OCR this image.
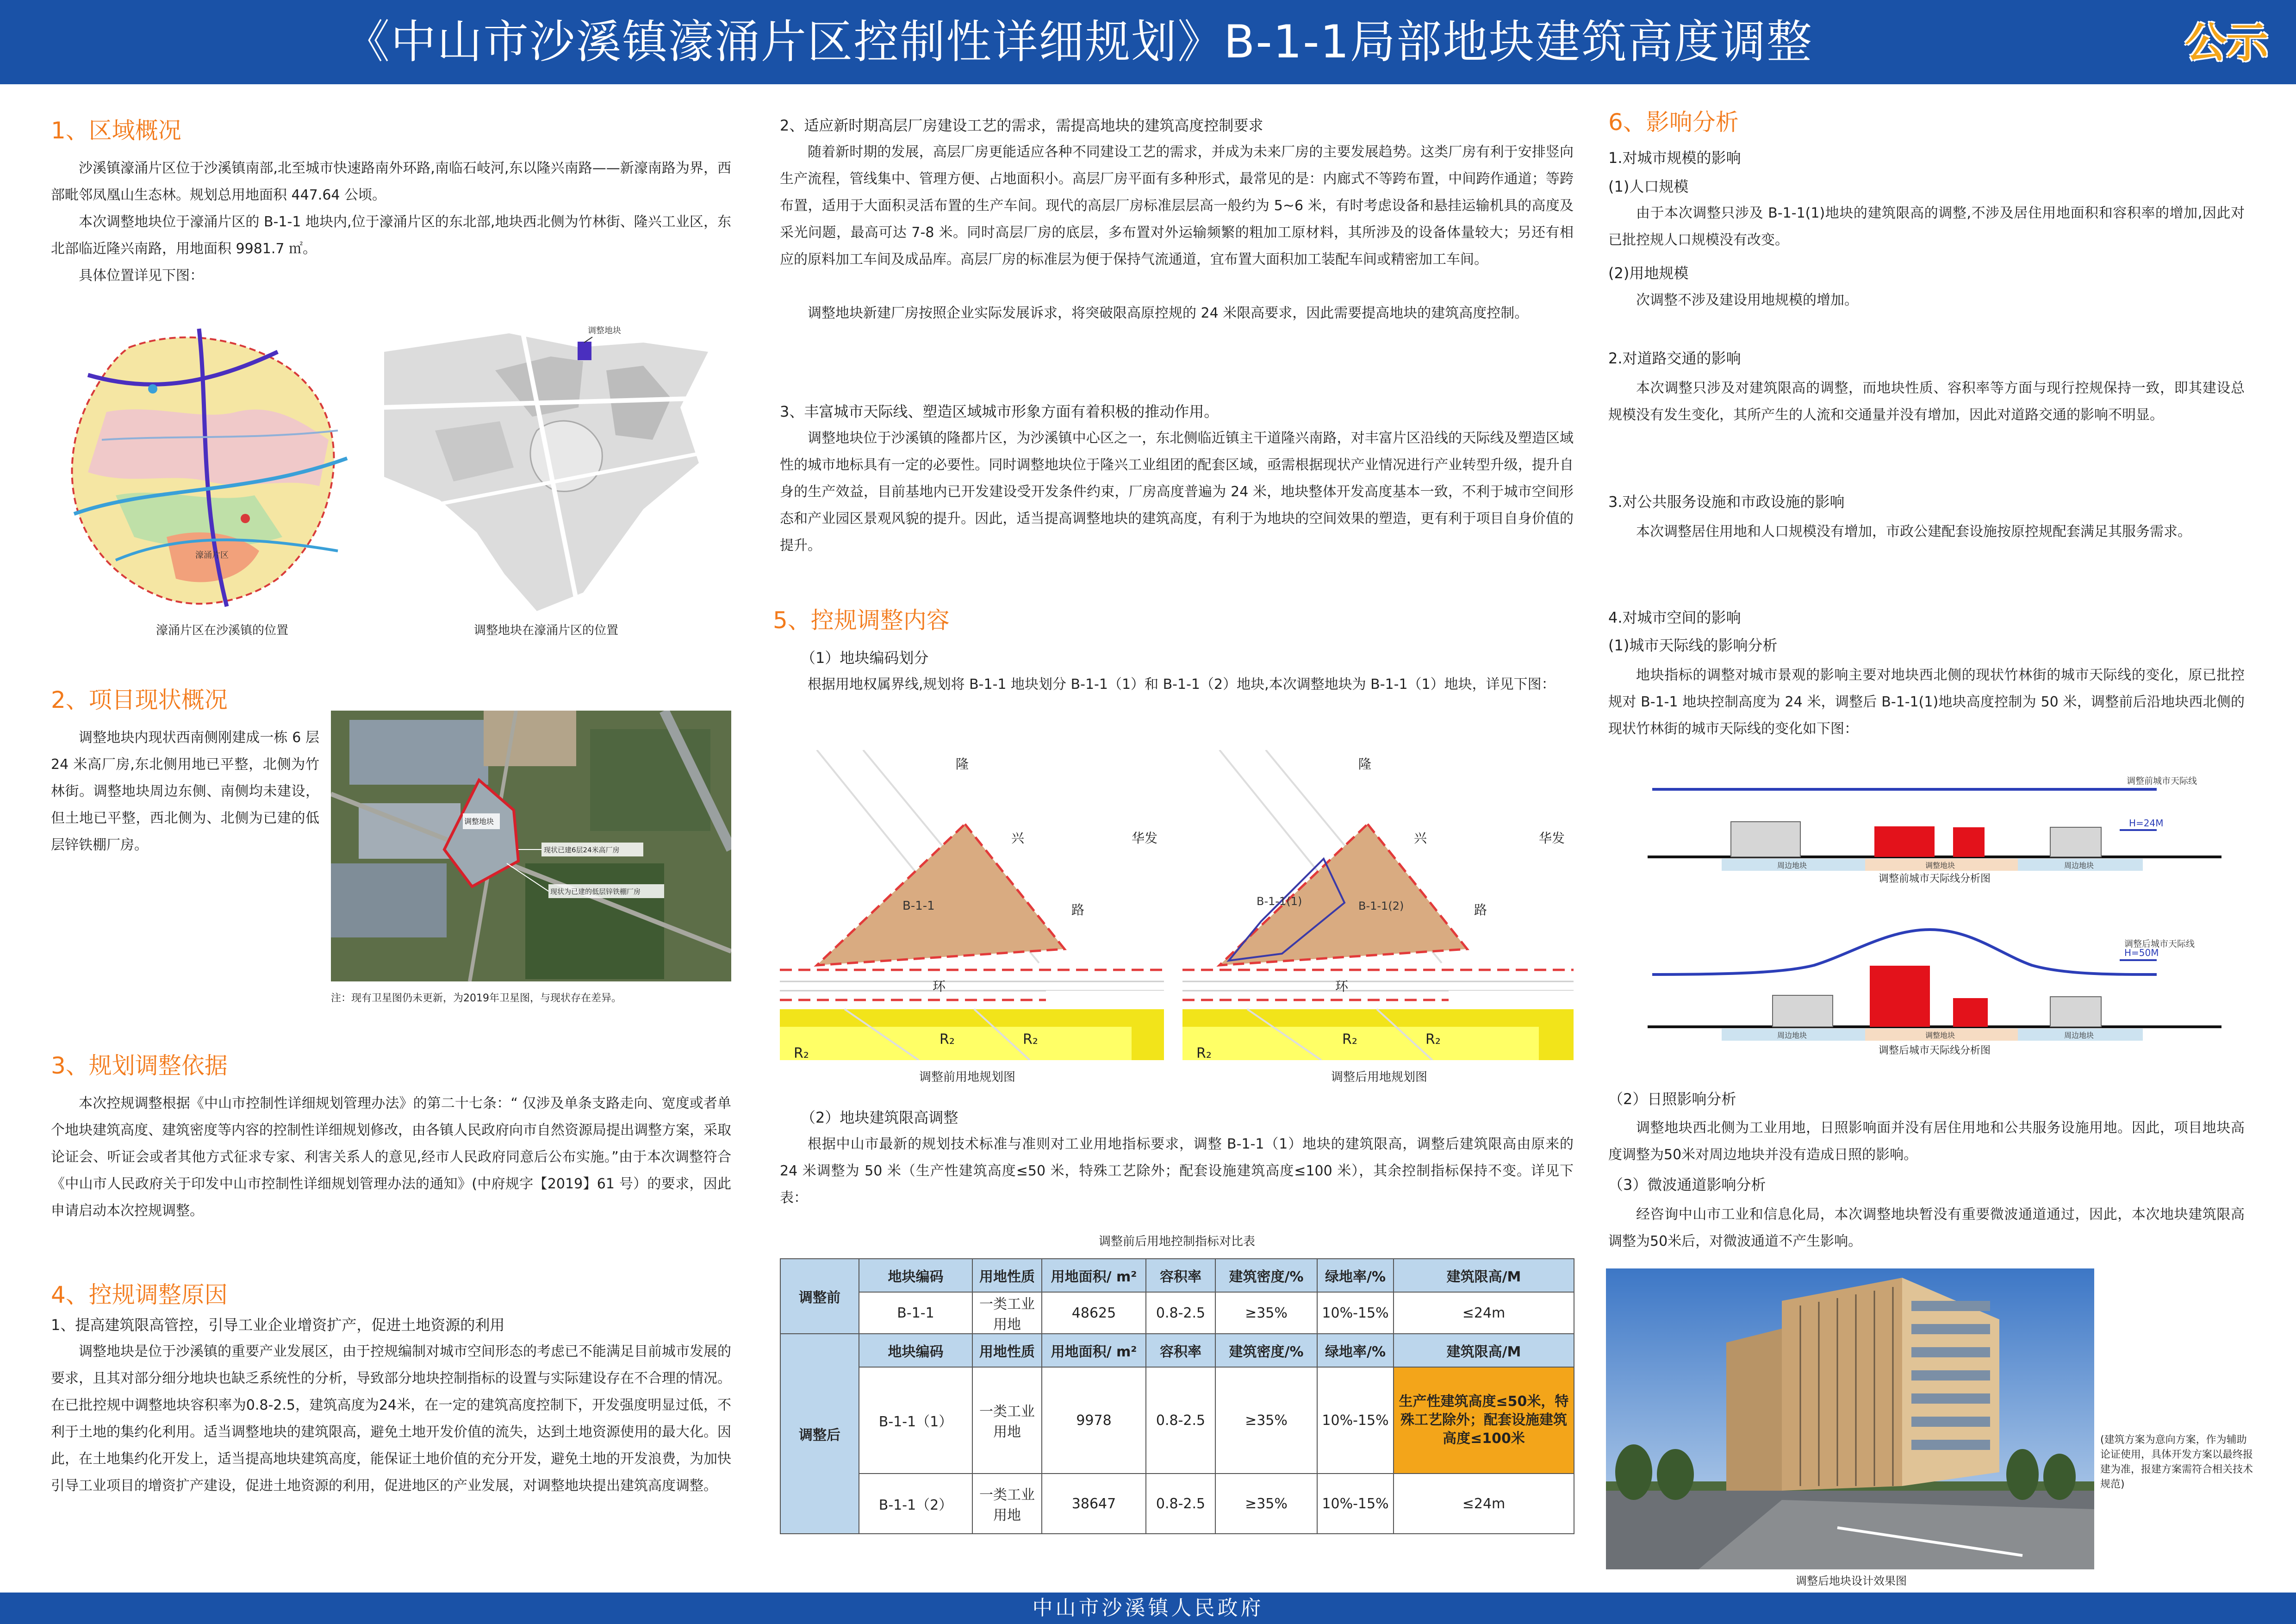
《中山市沙溪镇濠涌片区控制性详细规划》B-1-1局部地块建筑高度调整	公示
1、区域概况

沙溪镇濠涌片区位于沙溪镇南部,北至城市快速路南外环路,南临石岐河,东以隆兴南路——新濠南路为界，西部毗邻凤凰山生态林。规划总用地面积 447.64 公顷。

本次调整地块位于濠涌片区的 B-1-1 地块内,位于濠涌片区的东北部,地块西北侧为竹林街、隆兴工业区，东北部临近隆兴南路，用地面积 9981.7 ㎡。

具体位置详见下图：

濠涌片区
濠涌片区在沙溪镇的位置
调整地块
调整地块在濠涌片区的位置
2、项目现状概况

调整地块内现状西南侧刚建成一栋 6 层 24 米高厂房,东北侧用地已平整，北侧为竹林街。调整地块周边东侧、南侧均未建设，但土地已平整，西北侧为、北侧为已建的低层锌铁棚厂房。

调整地块
现状已建6层24米高厂房
现状为已建的低层锌铁棚厂房
注：现有卫星图仍未更新，为2019年卫星图，与现状存在差异。
3、规划调整依据

本次控规调整根据《中山市控制性详细规划管理办法》的第二十七条：“ 仅涉及单条支路走向、宽度或者单个地块建筑高度、建筑密度等内容的控制性详细规划修改，由各镇人民政府向市自然资源局提出调整方案，采取论证会、听证会或者其他方式征求专家、利害关系人的意见,经市人民政府同意后公布实施。”由于本次调整符合《中山市人民政府关于印发中山市控制性详细规划管理办法的通知》(中府规字【2019】61 号）的要求，因此申请启动本次控规调整。

4、控规调整原因
1、提高建筑限高管控，引导工业企业增资扩产，促进土地资源的利用

调整地块是位于沙溪镇的重要产业发展区，由于控规编制对城市空间形态的考虑已不能满足目前城市发展的要求，且其对部分细分地块也缺乏系统性的分析，导致部分地块控制指标的设置与实际建设存在不合理的情况。在已批控规中调整地块容积率为0.8-2.5，建筑高度为24米，在一定的建筑高度控制下，开发强度明显过低，不利于土地的集约化利用。适当调整地块的建筑限高，避免土地开发价值的流失，达到土地资源使用的最大化。因此，在土地集约化开发上，适当提高地块建筑高度，能保证土地价值的充分开发，避免土地的开发浪费，为加快引导工业项目的增资扩产建设，促进土地资源的利用，促进地区的产业发展，对调整地块提出建筑高度调整。

2、适应新时期高层厂房建设工艺的需求，需提高地块的建筑高度控制要求

随着新时期的发展，高层厂房更能适应各种不同建设工艺的需求，并成为未来厂房的主要发展趋势。这类厂房有利于安排竖向生产流程，管线集中、管理方便、占地面积小。高层厂房平面有多种形式，最常见的是：内廊式不等跨布置，中间跨作通道；等跨布置，适用于大面积灵活布置的生产车间。现代的高层厂房标准层层高一般约为 5~6 米，有时考虑设备和悬挂运输机具的高度及采光问题，最高可达 7-8 米。同时高层厂房的底层，多布置对外运输频繁的粗加工原材料，其所涉及的设备体量较大；另还有相应的原料加工车间及成品库。高层厂房的标准层为便于保持气流通道，宜布置大面积加工装配车间或精密加工车间。

调整地块新建厂房按照企业实际发展诉求，将突破限高原控规的 24 米限高要求，因此需要提高地块的建筑高度控制。

3、丰富城市天际线、塑造区域城市形象方面有着积极的推动作用。

调整地块位于沙溪镇的隆都片区，为沙溪镇中心区之一，东北侧临近镇主干道隆兴南路，对丰富片区沿线的天际线及塑造区域性的城市地标具有一定的必要性。同时调整地块位于隆兴工业组团的配套区域，亟需根据现状产业情况进行产业转型升级，提升自身的生产效益，目前基地内已开发建设受开发条件约束，厂房高度普遍为 24 米，地块整体开发高度基本一致，不利于城市空间形态和产业园区景观风貌的提升。因此，适当提高调整地块的建筑高度，有利于为地块的空间效果的塑造，更有利于项目自身价值的提升。

5、控规调整内容
（1）地块编码划分

根据用地权属界线,规划将 B-1-1 地块划分 B-1-1（1）和 B-1-1（2）地块,本次调整地块为 B-1-1（1）地块，详见下图：

隆
兴
路
环
华发
B-1-1
R₂	R₂
R₂
调整前用地规划图
隆
兴
路
环
华发
B-1-1(1)	B-1-1(2)
R₂	R₂
R₂
调整后用地规划图
（2）地块建筑限高调整

根据中山市最新的规划技术标准与准则对工业用地指标要求，调整 B-1-1（1）地块的建筑限高，调整后建筑限高由原来的 24 米调整为 50 米（生产性建筑高度≤50 米，特殊工艺除外；配套设施建筑高度≤100 米），其余控制指标保持不变。详见下表：

调整前后用地控制指标对比表
调整前	地块编码	用地性质	用地面积/ m²	容积率	建筑密度/%	绿地率/%	建筑限高/M
	B-1-1	一类工业用地	48625	0.8-2.5	≥35%	10%-15%	≤24m

调整后	地块编码	用地性质	用地面积/ m²	容积率	建筑密度/%	绿地率/%	建筑限高/M
	B-1-1（1）	一类工业用地	9978	0.8-2.5	≥35%	10%-15%	生产性建筑高度≤50米，特殊工艺除外；配套设施建筑高度≤100米
	B-1-1（2）	一类工业用地	38647	0.8-2.5	≥35%	10%-15%	≤24m
6、影响分析
1.对城市规模的影响
(1)人口规模

由于本次调整只涉及 B-1-1(1)地块的建筑限高的调整,不涉及居住用地面积和容积率的增加,因此对已批控规人口规模没有改变。

(2)用地规模

次调整不涉及建设用地规模的增加。

2.对道路交通的影响

本次调整只涉及对建筑限高的调整，而地块性质、容积率等方面与现行控规保持一致，即其建设总规模没有发生变化，其所产生的人流和交通量并没有增加，因此对道路交通的影响不明显。

3.对公共服务设施和市政设施的影响

本次调整居住用地和人口规模没有增加，市政公建配套设施按原控规配套满足其服务需求。

4.对城市空间的影响
(1)城市天际线的影响分析

地块指标的调整对城市景观的影响主要对地块西北侧的现状竹林街的城市天际线的变化，原已批控规对 B-1-1 地块控制高度为 24 米，调整后 B-1-1(1)地块高度控制为 50 米，调整前后沿地块西北侧的现状竹林街的城市天际线的变化如下图：

调整前城市天际线
H=24M
周边地块	调整地块	周边地块
调整前城市天际线分析图
调整后城市天际线
H=50M
周边地块	调整地块	周边地块
调整后城市天际线分析图
（2）日照影响分析

调整地块西北侧为工业用地，日照影响面并没有居住用地和公共服务设施用地。因此，项目地块高度调整为50米对周边地块并没有造成日照的影响。

（3）微波通道影响分析

经咨询中山市工业和信息化局，本次调整地块暂没有重要微波通道通过，因此，本次地块建筑限高调整为50米后，对微波通道不产生影响。

(建筑方案为意向方案，作为辅助论证使用，具体开发方案以最终报建为准，报建方案需符合相关技术规范)
调整后地块设计效果图
中山市沙溪镇人民政府
